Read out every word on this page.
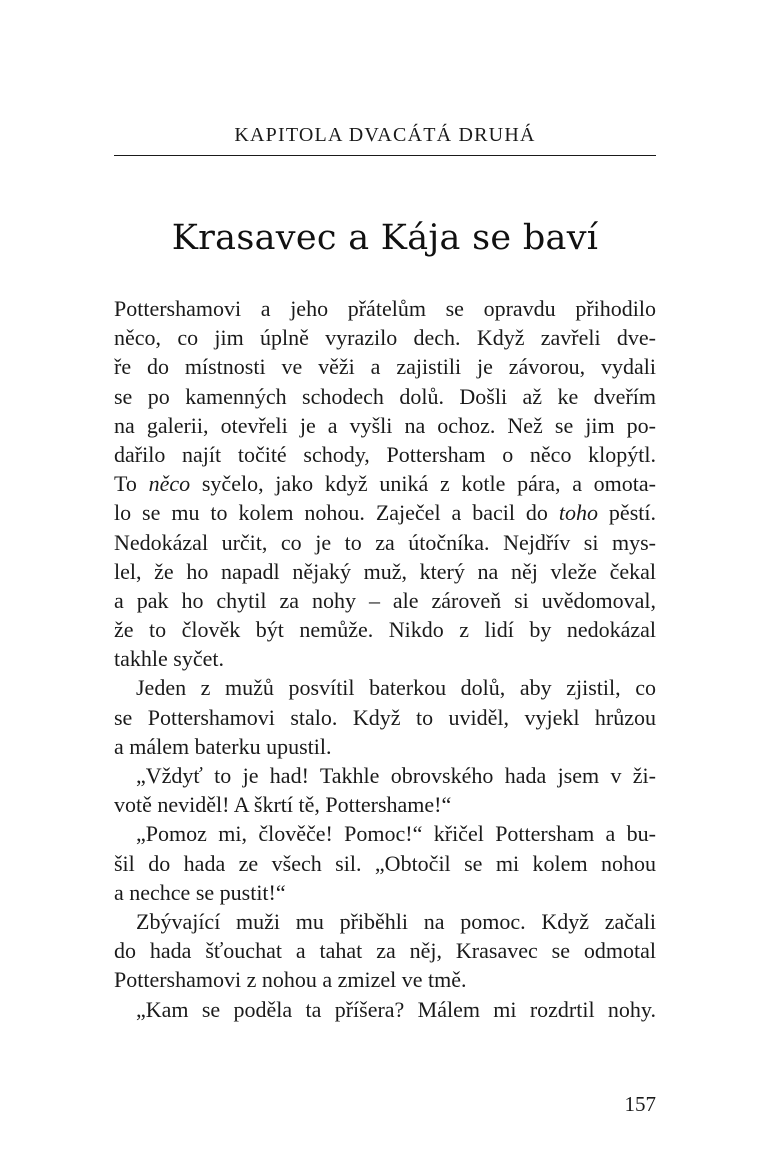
KAPITOLA DVACÁTÁ DRUHÁ
Krasavec a Kája se baví
Pottershamovi a jeho přátelům se opravdu přihodilo
něco, co jim úplně vyrazilo dech. Když zavřeli dve-
ře do místnosti ve věži a zajistili je závorou, vydali
se po kamenných schodech dolů. Došli až ke dveřím
na galerii, otevřeli je a vyšli na ochoz. Než se jim po-
dařilo najít točité schody, Pottersham o něco klopýtl.
To něco syčelo, jako když uniká z kotle pára, a omota-
lo se mu to kolem nohou. Zaječel a bacil do toho pěstí.
Nedokázal určit, co je to za útočníka. Nejdřív si mys-
lel, že ho napadl nějaký muž, který na něj vleže čekal
a pak ho chytil za nohy – ale zároveň si uvědomoval,
že to člověk být nemůže. Nikdo z lidí by nedokázal
takhle syčet.
Jeden z mužů posvítil baterkou dolů, aby zjistil, co
se Pottershamovi stalo. Když to uviděl, vyjekl hrůzou
a málem baterku upustil.
„Vždyť to je had! Takhle obrovského hada jsem v ži-
votě neviděl! A škrtí tě, Pottershame!“
„Pomoz mi, člověče! Pomoc!“ křičel Pottersham a bu-
šil do hada ze všech sil. „Obtočil se mi kolem nohou
a nechce se pustit!“
Zbývající muži mu přiběhli na pomoc. Když začali
do hada šťouchat a tahat za něj, Krasavec se odmotal
Pottershamovi z nohou a zmizel ve tmě.
„Kam se poděla ta příšera? Málem mi rozdrtil nohy.
157
